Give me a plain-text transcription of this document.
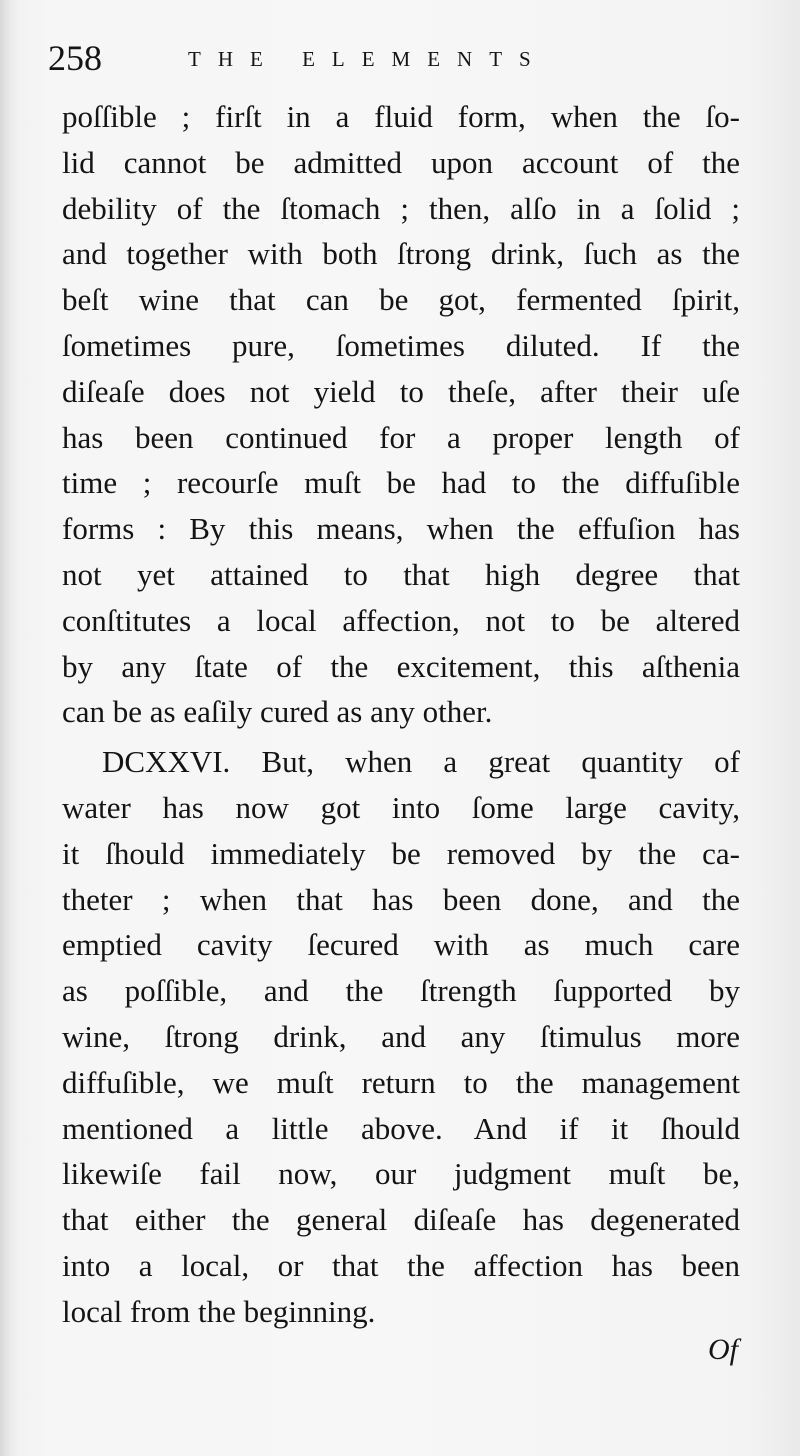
258	THE ELEMENTS
poſſible ; firſt in a fluid form, when the ſo-
lid cannot be admitted upon account of the
debility of the ſtomach ; then, alſo in a ſolid ;
and together with both ſtrong drink, ſuch as the
beſt wine that can be got, fermented ſpirit,
ſometimes pure, ſometimes diluted. If the
diſeaſe does not yield to theſe, after their uſe
has been continued for a proper length of
time ; recourſe muſt be had to the diffuſible
forms : By this means, when the effuſion has
not yet attained to that high degree that
conſtitutes a local affection, not to be altered
by any ſtate of the excitement, this aſthenia
can be as eaſily cured as any other.
DCXXVI. But, when a great quantity of
water has now got into ſome large cavity,
it ſhould immediately be removed by the ca-
theter ; when that has been done, and the
emptied cavity ſecured with as much care
as poſſible, and the ſtrength ſupported by
wine, ſtrong drink, and any ſtimulus more
diffuſible, we muſt return to the management
mentioned a little above. And if it ſhould
likewiſe fail now, our judgment muſt be,
that either the general diſeaſe has degenerated
into a local, or that the affection has been
local from the beginning.
Of
